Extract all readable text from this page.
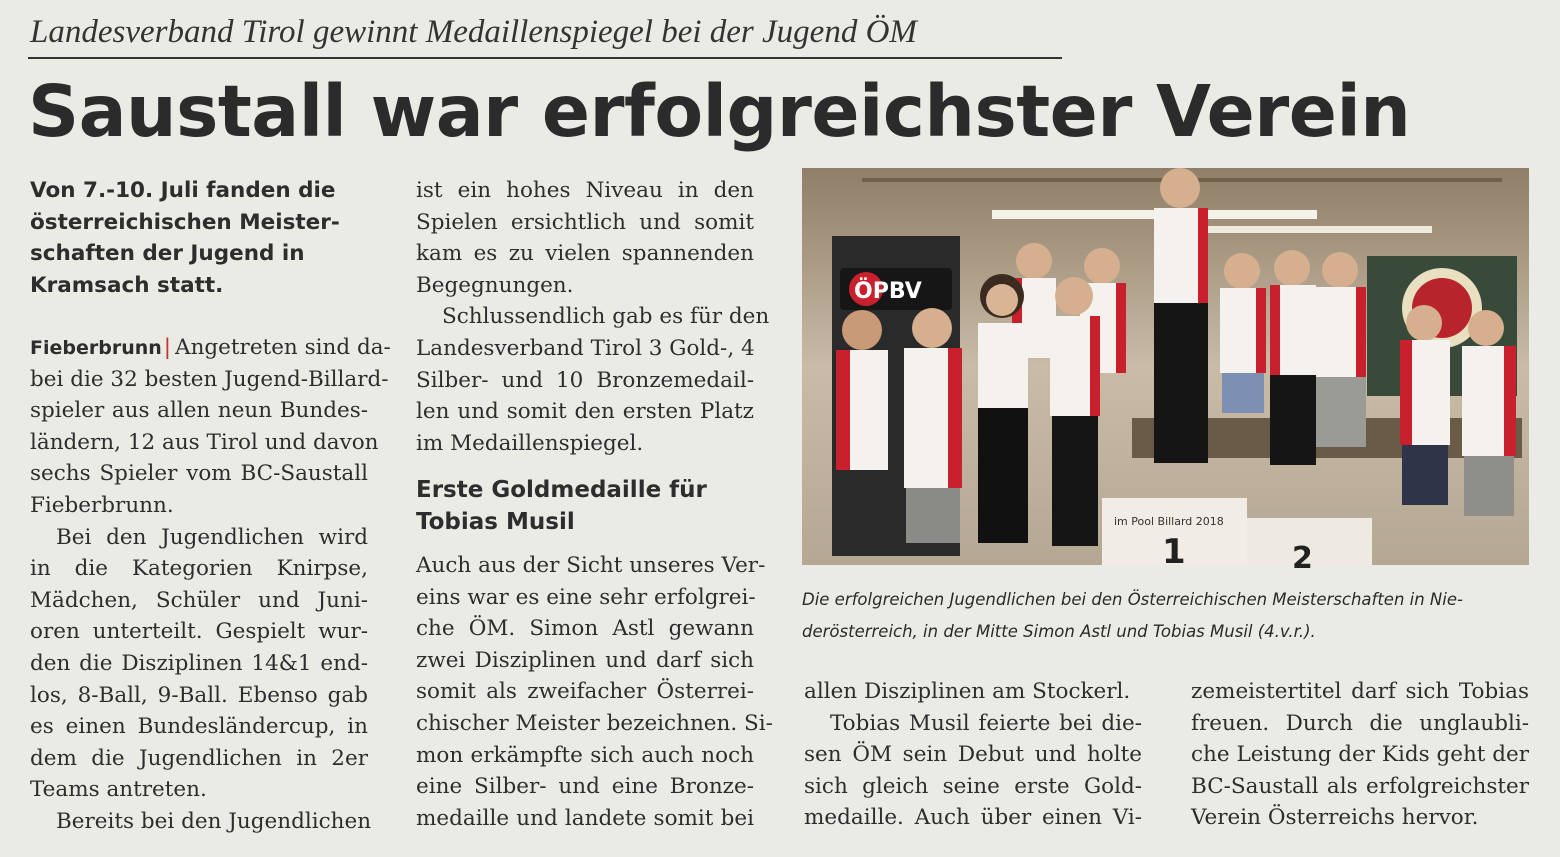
Landesverband Tirol gewinnt Medaillenspiegel bei der Jugend ÖM
Saustall war erfolgreichster Verein
Von 7.-10. Juli fanden die
österreichischen Meister-
schaften der Jugend in
Kramsach statt.
Fieberbrunn| Angetreten sind da-
bei die 32 besten Jugend-Billard-
spieler aus allen neun Bundes-
ländern, 12 aus Tirol und davon
sechs Spieler vom BC-Saustall
Fieberbrunn.
Bei den Jugendlichen wird
in die Kategorien Knirpse,
Mädchen, Schüler und Juni-
oren unterteilt. Gespielt wur-
den die Disziplinen 14&1 end-
los, 8-Ball, 9-Ball. Ebenso gab
es einen Bundesländercup, in
dem die Jugendlichen in 2er
Teams antreten.
Bereits bei den Jugendlichen
ist ein hohes Niveau in den
Spielen ersichtlich und somit
kam es zu vielen spannenden
Begegnungen.
Schlussendlich gab es für den
Landesverband Tirol 3 Gold-, 4
Silber- und 10 Bronzemedail-
len und somit den ersten Platz
im Medaillenspiegel.
Erste Goldmedaille für
Tobias Musil
Auch aus der Sicht unseres Ver-
eins war es eine sehr erfolgrei-
che ÖM. Simon Astl gewann
zwei Disziplinen und darf sich
somit als zweifacher Österrei-
chischer Meister bezeichnen. Si-
mon erkämpfte sich auch noch
eine Silber- und eine Bronze-
medaille und landete somit bei
ÖPBV
im Pool Billard 2018
1	2
Die erfolgreichen Jugendlichen bei den Österreichischen Meisterschaften in Nie-
derösterreich, in der Mitte Simon Astl und Tobias Musil (4.v.r.).
allen Disziplinen am Stockerl.
Tobias Musil feierte bei die-
sen ÖM sein Debut und holte
sich gleich seine erste Gold-
medaille. Auch über einen Vi-
zemeistertitel darf sich Tobias
freuen. Durch die unglaubli-
che Leistung der Kids geht der
BC-Saustall als erfolgreichster
Verein Österreichs hervor.
